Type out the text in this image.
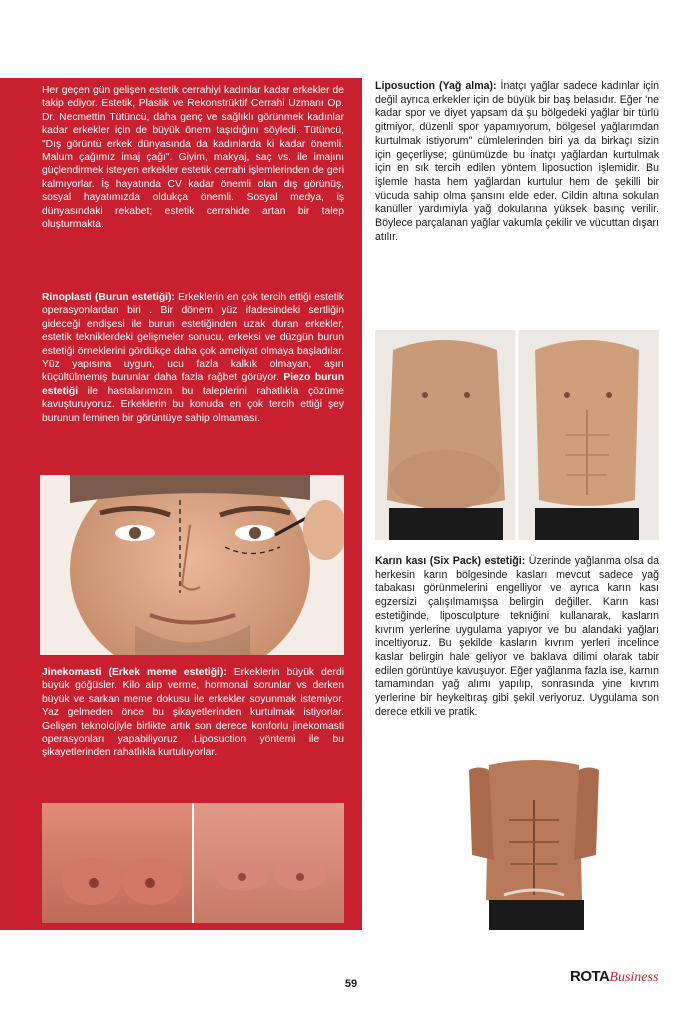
Her geçen gün gelişen estetik cerrahiyi kadınlar kadar erkekler de takip ediyor. Estetik, Plastik ve Rekonstrüktif Cerrahi Uzmanı Op. Dr. Necmettin Tütüncü, daha genç ve sağlıklı görünmek kadınlar kadar erkekler için de büyük önem taşıdığını söyledi. Tütüncü, "Dış görüntü erkek dünyasında da kadınlarda ki kadar önemli. Malum çağımız imaj çağı". Giyim, makyaj, saç vs. ile imajını güçlendirmek isteyen erkekler estetik cerrahi işlemlerinden de geri kalmıyorlar. İş hayatında CV kadar önemli olan dış görünüş, sosyal hayatımızda oldukça önemli. Sosyal medya, iş dünyasındaki rekabet; estetik cerrahide artan bir talep oluşturmakta.

Rinoplasti (Burun estetiği): Erkeklerin en çok tercih ettiği estetik operasyonlardan biri . Bir dönem yüz ifadesindeki sertliğin gideceği endişesi ile burun estetiğinden uzak duran erkekler, estetik tekniklerdeki gelişmeler sonucu, erkeksi ve düzgün burun estetiği örneklerini gördükçe daha çok ameliyat olmaya başladılar. Yüz yapısına uygun, ucu fazla kalkık olmayan, aşırı küçültülmemiş burunlar daha fazla rağbet görüyor. Piezo burun estetiği ile hastalarımızın bu taleplerini rahatlıkla çözüme kavuşturuyoruz. Erkeklerin bu konuda en çok tercih ettiği şey burunun feminen bir görüntüye sahip olmaması.

Jinekomasti (Erkek meme estetiği): Erkeklerin büyük derdi büyük göğüsler. Kilo alıp verme, hormonal sorunlar vs derken büyük ve sarkan meme dokusu ile erkekler soyunmak istemiyor. Yaz gelmeden önce bu şikayetlerinden kurtulmak istiyorlar. Gelişen teknolojiyle birlikte artık son derece konforlu jinekomasti operasyonları yapabiliyoruz .Liposuction yöntemi ile bu şikayetlerinden rahatlıkla kurtuluyorlar.

Liposuction (Yağ alma): İnatçı yağlar sadece kadınlar için değil ayrıca erkekler için de büyük bir baş belasıdır. Eğer 'ne kadar spor ve diyet yapsam da şu bölgedeki yağlar bir türlü gitmiyor, düzenli spor yapamıyorum, bölgesel yağlarımdan kurtulmak istiyorum" cümlelerinden biri ya da birkaçı sizin için geçerliyse; günümüzde bu inatçı yağlardan kurtulmak için en sık tercih edilen yöntem liposuction işlemidir. Bu işlemle hasta hem yağlardan kurtulur hem de şekilli bir vücuda sahip olma şansını elde eder. Cildin altına sokulan kanüller yardımıyla yağ dokularına yüksek basınç verilir. Böylece parçalanan yağlar vakumla çekilir ve vücuttan dışarı atılır.

Karın kası (Six Pack) estetiği: Üzerinde yağlanma olsa da herkesin karın bölgesinde kasları mevcut sadece yağ tabakası görünmelerini engelliyor ve ayrıca karın kası egzersizi çalışılmamışsa belirgin değiller. Karın kası estetiğinde, liposculpture tekniğini kullanarak, kasların kıvrım yerlerine uygulama yapıyor ve bu alandaki yağları inceltiyoruz. Bu şekilde kasların kıvrım yerleri incelince kaslar belirgin hale geliyor ve baklava dilimi olarak tabir edilen görüntüye kavuşuyor. Eğer yağlanma fazla ise, karnın tamamından yağ alımı yapılıp, sonrasında yine kıvrım yerlerine bir heykeltıraş gibi şekil veriyoruz. Uygulama son derece etkili ve pratik.

59	ROTABusiness
